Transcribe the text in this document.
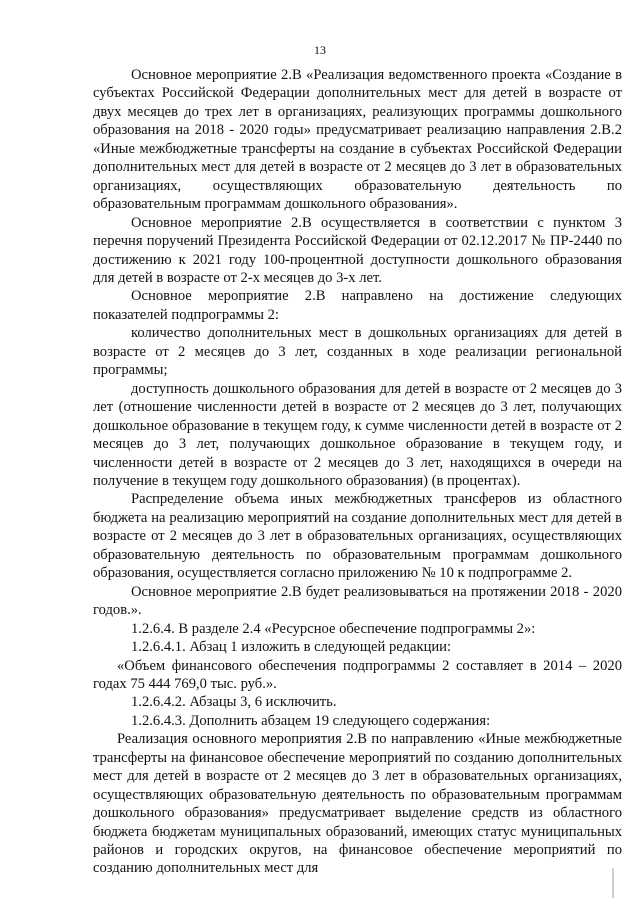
13

Основное мероприятие 2.В «Реализация ведомственного проекта «Создание в субъектах Российской Федерации дополнительных мест для детей в возрасте от двух месяцев до трех лет в организациях, реализующих программы дошкольного образования на 2018 - 2020 годы» предусматривает реализацию направления 2.В.2 «Иные межбюджетные трансферты на создание в субъектах Российской Федерации дополнительных мест для детей в возрасте от 2 месяцев до 3 лет в образовательных организациях, осуществляющих образовательную деятельность по образовательным программам дошкольного образования».

Основное мероприятие 2.В осуществляется в соответствии с пунктом 3 перечня поручений Президента Российской Федерации от 02.12.2017 № ПР-2440 по достижению к 2021 году 100-процентной доступности дошкольного образования для детей в возрасте от 2-х месяцев до 3-х лет.

Основное мероприятие 2.В направлено на достижение следующих показателей подпрограммы 2:

количество дополнительных мест в дошкольных организациях для детей в возрасте от 2 месяцев до 3 лет, созданных в ходе реализации региональной программы;

доступность дошкольного образования для детей в возрасте от 2 месяцев до 3 лет (отношение численности детей в возрасте от 2 месяцев до 3 лет, получающих дошкольное образование в текущем году, к сумме численности детей в возрасте от 2 месяцев до 3 лет, получающих дошкольное образование в текущем году, и численности детей в возрасте от 2 месяцев до 3 лет, находящихся в очереди на получение в текущем году дошкольного образования) (в процентах).

Распределение объема иных межбюджетных трансферов из областного бюджета на реализацию мероприятий на создание дополнительных мест для детей в возрасте от 2 месяцев до 3 лет в образовательных организациях, осуществляющих образовательную деятельность по образовательным программам дошкольного образования, осуществляется согласно приложению № 10 к подпрограмме 2.

Основное мероприятие 2.В будет реализовываться на протяжении 2018 - 2020 годов.».

1.2.6.4. В разделе 2.4 «Ресурсное обеспечение подпрограммы 2»:

1.2.6.4.1. Абзац 1 изложить в следующей редакции:

«Объем финансового обеспечения подпрограммы 2 составляет в 2014 – 2020 годах 75 444 769,0 тыс. руб.».

1.2.6.4.2. Абзацы 3, 6 исключить.

1.2.6.4.3. Дополнить абзацем 19 следующего содержания:

Реализация основного мероприятия 2.В по направлению «Иные межбюджетные трансферты на финансовое обеспечение мероприятий по созданию дополнительных мест для детей в возрасте от 2 месяцев до 3 лет в образовательных организациях, осуществляющих образовательную деятельность по образовательным программам дошкольного образования» предусматривает выделение средств из областного бюджета бюджетам муниципальных образований, имеющих статус муниципальных районов и городских округов, на финансовое обеспечение мероприятий по созданию дополнительных мест для
